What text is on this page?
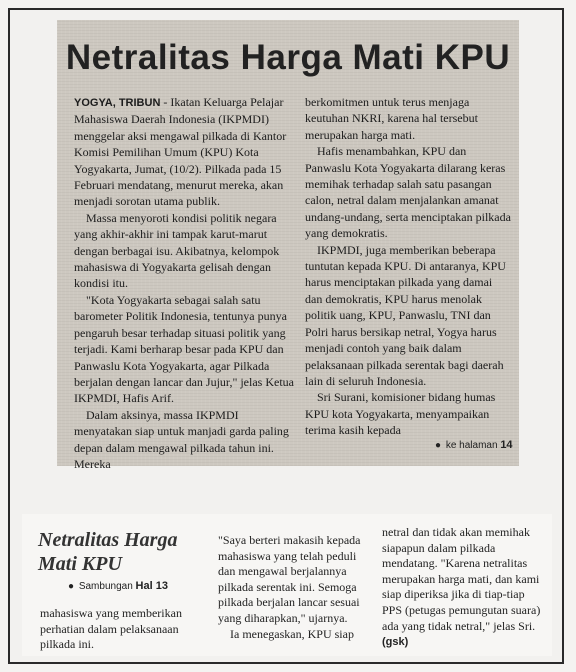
Netralitas Harga Mati KPU

YOGYA, TRIBUN - Ikatan Keluarga Pelajar Mahasiswa Daerah Indonesia (IKPMDI) menggelar aksi mengawal pilkada di Kantor Komisi Pemilihan Umum (KPU) Kota Yogyakarta, Jumat, (10/2). Pilkada pada 15 Februari mendatang, menurut mereka, akan menjadi sorotan utama publik.

Massa menyoroti kondisi politik negara yang akhir-akhir ini tampak karut-marut dengan berbagai isu. Akibatnya, kelompok mahasiswa di Yogyakarta gelisah dengan kondisi itu.

"Kota Yogyakarta sebagai salah satu barometer Politik Indonesia, tentunya punya pengaruh besar terhadap situasi politik yang terjadi. Kami berharap besar pada KPU dan Panwaslu Kota Yogyakarta, agar Pilkada berjalan dengan lancar dan Jujur," jelas Ketua IKPMDI, Hafis Arif.

Dalam aksinya, massa IKPMDI menyatakan siap untuk manjadi garda paling depan dalam mengawal pilkada tahun ini. Mereka

berkomitmen untuk terus menjaga keutuhan NKRI, karena hal tersebut merupakan harga mati.

Hafis menambahkan, KPU dan Panwaslu Kota Yogyakarta dilarang keras memihak terhadap salah satu pasangan calon, netral dalam menjalankan amanat undang-undang, serta menciptakan pilkada yang demokratis.

IKPMDI, juga memberikan beberapa tuntutan kepada KPU. Di antaranya, KPU harus menciptakan pilkada yang damai dan demokratis, KPU harus menolak politik uang, KPU, Panwaslu, TNI dan Polri harus bersikap netral, Yogya harus menjadi contoh yang baik dalam pelaksanaan pilkada serentak bagi daerah lain di seluruh Indonesia.

Sri Surani, komisioner bidang humas KPU kota Yogyakarta, menyampaikan terima kasih kepada

● ke halaman 14
Netralitas Harga Mati KPU
● Sambungan Hal 13

mahasiswa yang memberikan perhatian dalam pelaksanaan pilkada ini.

"Saya berteri makasih kepada mahasiswa yang telah peduli dan mengawal berjalannya pilkada serentak ini. Semoga pilkada berjalan lancar sesuai yang diharapkan," ujarnya.

Ia menegaskan, KPU siap

netral dan tidak akan memihak siapapun dalam pilkada mendatang. "Karena netralitas merupakan harga mati, dan kami siap diperiksa jika di tiap-tiap PPS (petugas pemungutan suara) ada yang tidak netral," jelas Sri. (gsk)
